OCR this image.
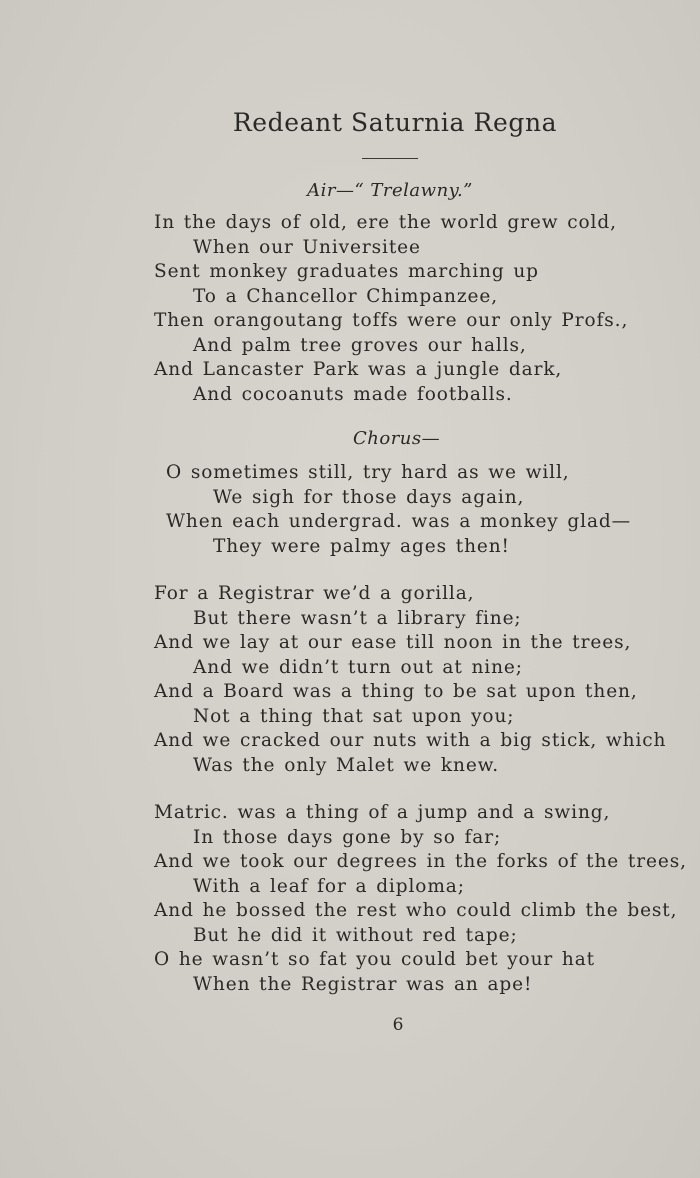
Redeant Saturnia Regna
Air—“ Trelawny.”
In the days of old, ere the world grew cold,
When our Universitee
Sent monkey graduates marching up
To a Chancellor Chimpanzee,
Then orangoutang toffs were our only Profs.,
And palm tree groves our halls,
And Lancaster Park was a jungle dark,
And cocoanuts made footballs.
Chorus—
O sometimes still, try hard as we will,
We sigh for those days again,
When each undergrad. was a monkey glad—
They were palmy ages then!
For a Registrar we’d a gorilla,
But there wasn’t a library fine;
And we lay at our ease till noon in the trees,
And we didn’t turn out at nine;
And a Board was a thing to be sat upon then,
Not a thing that sat upon you;
And we cracked our nuts with a big stick, which
Was the only Malet we knew.
Matric. was a thing of a jump and a swing,
In those days gone by so far;
And we took our degrees in the forks of the trees,
With a leaf for a diploma;
And he bossed the rest who could climb the best,
But he did it without red tape;
O he wasn’t so fat you could bet your hat
When the Registrar was an ape!
6
